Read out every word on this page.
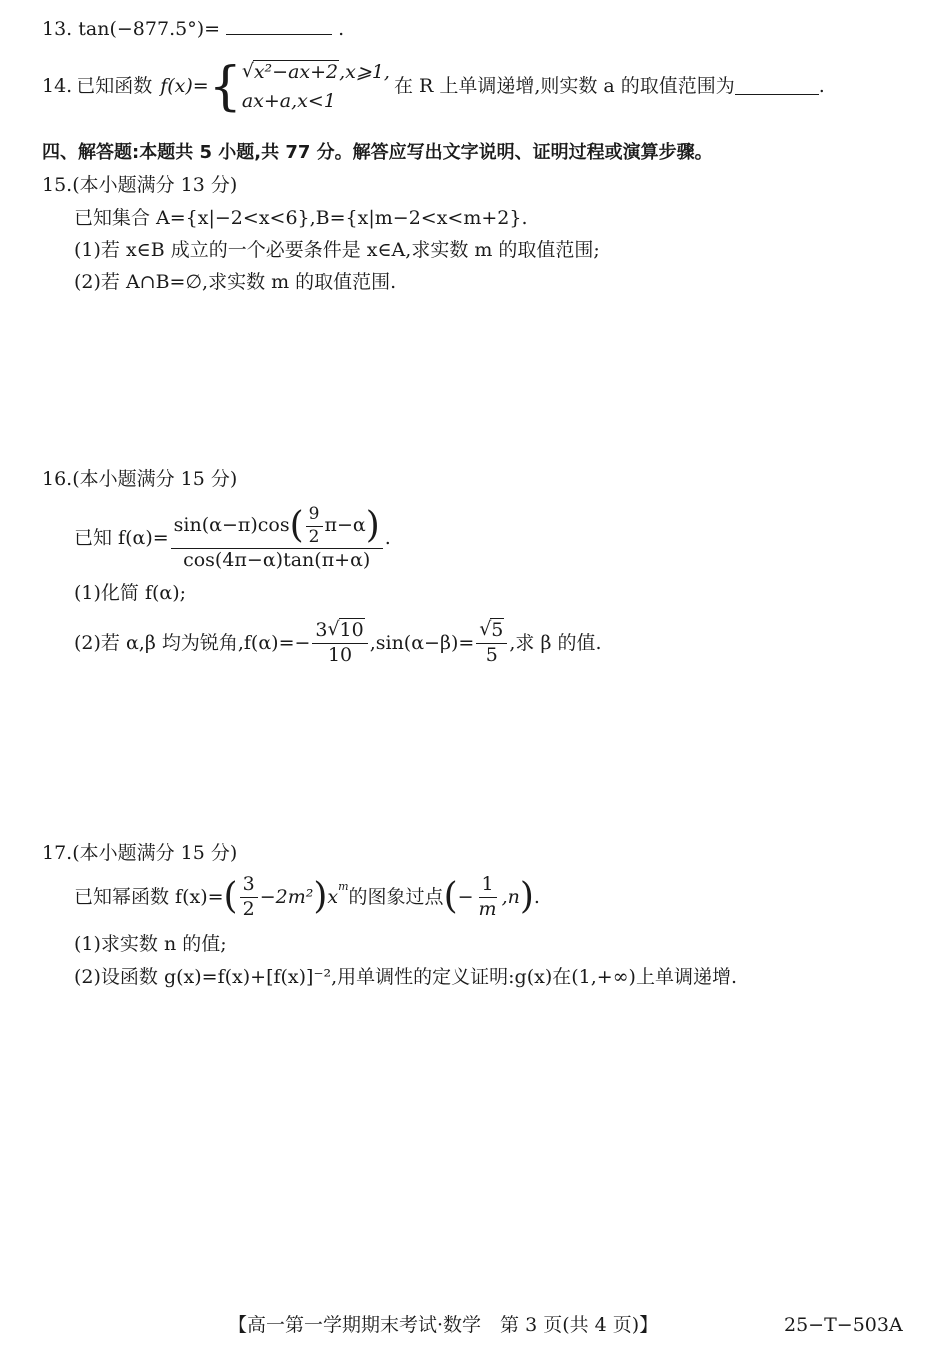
13. tan(−877.5°)=	.
14. 已知函数 f(x)= { √ x²−ax+2,x⩾1,
ax+a,x<1
在 R 上单调递增,则实数 a 的取值范围为	.
四、解答题:本题共 5 小题,共 77 分。解答应写出文字说明、证明过程或演算步骤。
15.(本小题满分 13 分)
已知集合 A={x|−2<x<6},B={x|m−2<x<m+2}.
(1)若 x∈B 成立的一个必要条件是 x∈A,求实数 m 的取值范围;
(2)若 A∩B=∅,求实数 m 的取值范围.
16.(本小题满分 15 分)
已知 f(α)=
sin(α−π)cos ( $\frac{9}{2} \pi-\alpha$ )
cos(4π−α)tan(π+α)
.
(1)化简 f(α);
(2)若 α,β 均为锐角$,f(\alpha)=- \frac{3 √ 10}{10} ,\sin(\alpha-\beta)=$ √ $\frac{5}{5}$ ,求 β 的值.
17.(本小题满分 15 分)
已知幂函数 f(x)= ( $\frac{3}{2} -2m^2$ ) $x^m$ 的图象过点 ( − $\frac{1}{m} ,n$ ) .
(1)求实数 n 的值;
(2)设函数 g(x)=f(x)+[f(x)]⁻²,用单调性的定义证明:g(x)在(1,+∞)上单调递增.
【高一第一学期期末考试·数学　第 3 页(共 4 页)】	25−T−503A
